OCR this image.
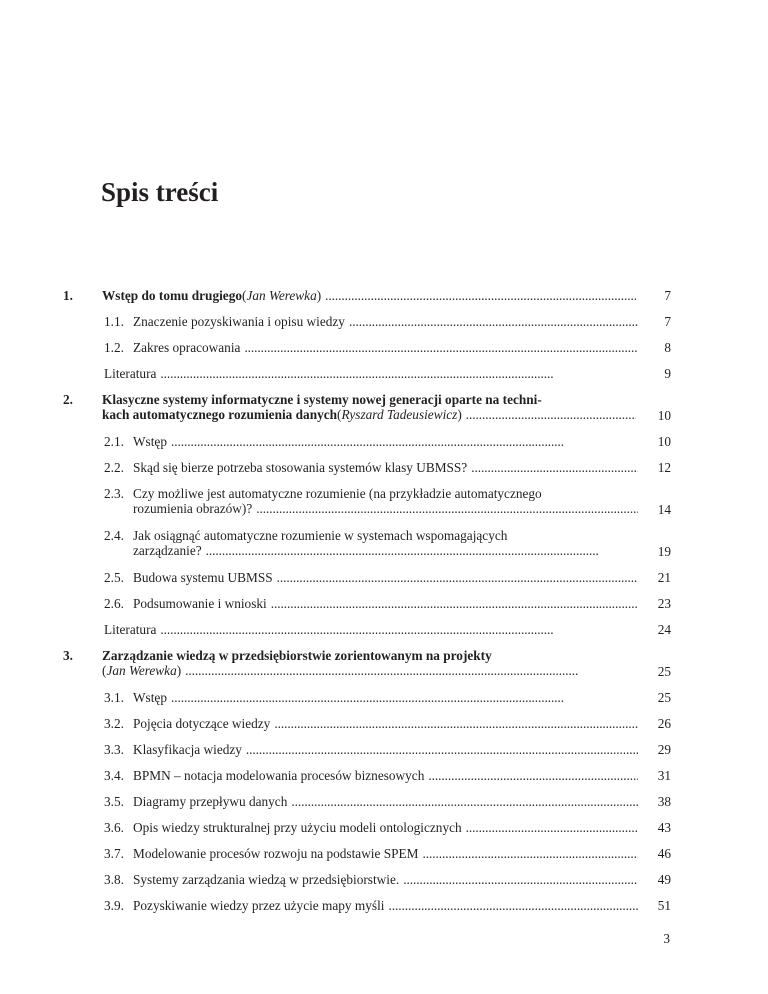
Spis treści
1. Wstęp do tomu drugiego ( Jan Werewka ) . . .	7
1.1. Znaczenie pozyskiwania i opisu wiedzy . . .	7
1.2. Zakres opracowania . . .	8
Literatura . . .	9
2. Klasyczne systemy informatyczne i systemy nowej generacji oparte na techni-
kach automatycznego rozumienia danych ( Ryszard Tadeusiewicz ) . . .	10
2.1. Wstęp . . .	10
2.2. Skąd się bierze potrzeba stosowania systemów klasy UBMSS? . . .	12
2.3. Czy możliwe jest automatyczne rozumienie (na przykładzie automatycznego
rozumienia obrazów)? . . .	14
2.4. Jak osiągnąć automatyczne rozumienie w systemach wspomagających
zarządzanie? . . .	19
2.5. Budowa systemu UBMSS . . .	21
2.6. Podsumowanie i wnioski . . .	23
Literatura . . .	24
3. Zarządzanie wiedzą w przedsiębiorstwie zorientowanym na projekty
( Jan Werewka ) . . .	25
3.1. Wstęp . . .	25
3.2. Pojęcia dotyczące wiedzy . . .	26
3.3. Klasyfikacja wiedzy . . .	29
3.4. BPMN – notacja modelowania procesów biznesowych . . .	31
3.5. Diagramy przepływu danych . . .	38
3.6. Opis wiedzy strukturalnej przy użyciu modeli ontologicznych . . .	43
3.7. Modelowanie procesów rozwoju na podstawie SPEM . . .	46
3.8. Systemy zarządzania wiedzą w przedsiębiorstwie. . . .	49
3.9. Pozyskiwanie wiedzy przez użycie mapy myśli . . .	51
3
